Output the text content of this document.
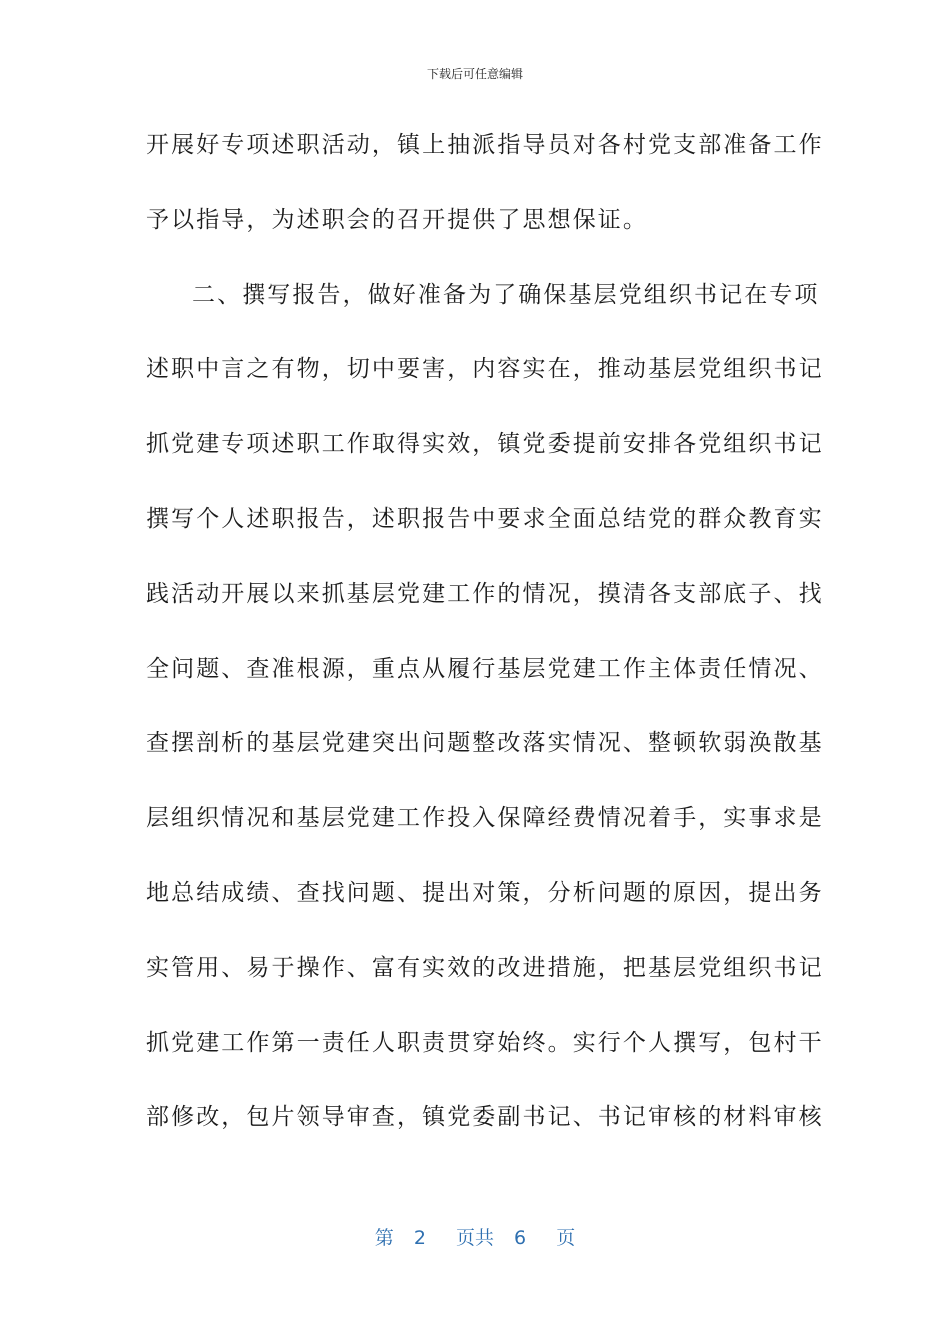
下载后可任意编辑
开展好专项述职活动，镇上抽派指导员对各村党支部准备工作
予以指导，为述职会的召开提供了思想保证。
二、撰写报告，做好准备为了确保基层党组织书记在专项
述职中言之有物，切中要害，内容实在，推动基层党组织书记
抓党建专项述职工作取得实效，镇党委提前安排各党组织书记
撰写个人述职报告，述职报告中要求全面总结党的群众教育实
践活动开展以来抓基层党建工作的情况，摸清各支部底子、找
全问题、查准根源，重点从履行基层党建工作主体责任情况、
查摆剖析的基层党建突出问题整改落实情况、整顿软弱涣散基
层组织情况和基层党建工作投入保障经费情况着手，实事求是
地总结成绩、查找问题、提出对策，分析问题的原因，提出务
实管用、易于操作、富有实效的改进措施，把基层党组织书记
抓党建工作第一责任人职责贯穿始终。实行个人撰写，包村干
部修改，包片领导审查，镇党委副书记、书记审核的材料审核
第 2 页共 6 页
